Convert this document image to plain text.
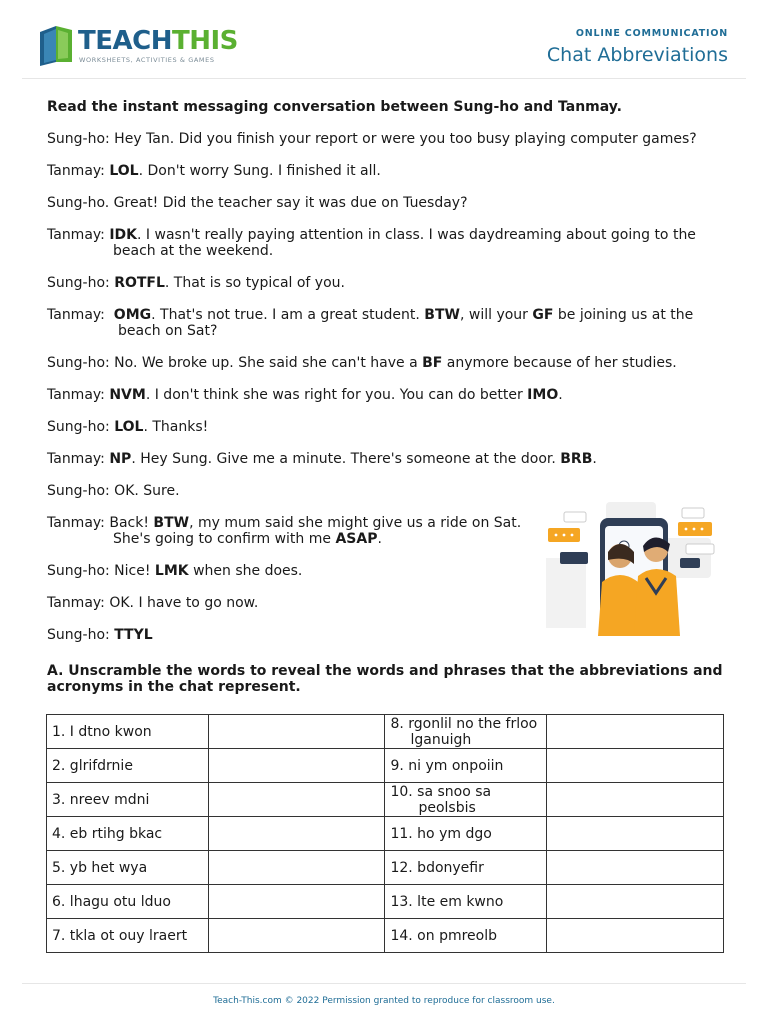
TEACHTHIS
WORKSHEETS, ACTIVITIES & GAMES
ONLINE COMMUNICATION
Chat Abbreviations

Read the instant messaging conversation between Sung-ho and Tanmay.

Sung-ho: Hey Tan. Did you finish your report or were you too busy playing computer games?

Tanmay: LOL. Don't worry Sung. I finished it all.

Sung-ho. Great! Did the teacher say it was due on Tuesday?

Tanmay: IDK. I wasn't really paying attention in class. I was daydreaming about going to the beach at the weekend.

Sung-ho: ROTFL. That is so typical of you.

Tanmay: OMG. That's not true. I am a great student. BTW, will your GF be joining us at the beach on Sat?

Sung-ho: No. We broke up. She said she can't have a BF anymore because of her studies.

Tanmay: NVM. I don't think she was right for you. You can do better IMO.

Sung-ho: LOL. Thanks!

Tanmay: NP. Hey Sung. Give me a minute. There's someone at the door. BRB.

Sung-ho: OK. Sure.

Tanmay: Back! BTW, my mum said she might give us a ride on Sat.
She's going to confirm with me ASAP.

Sung-ho: Nice! LMK when she does.

Tanmay: OK. I have to go now.

Sung-ho: TTYL

A. Unscramble the words to reveal the words and phrases that the abbreviations and acronyms in the chat represent.
1. I dtno kwon		8. rgonlil no the frloo lganuigh	

2. glrifdrnie		9. ni ym onpoiin	
3. nreev mdni		10. sa snoo sa peolsbis	

4. eb rtihg bkac		11. ho ym dgo	
5. yb het wya		12. bdonyefir	
6. lhagu otu lduo		13. lte em kwno	
7. tkla ot ouy lraert		14. on pmreolb	
Teach-This.com © 2022 Permission granted to reproduce for classroom use.
